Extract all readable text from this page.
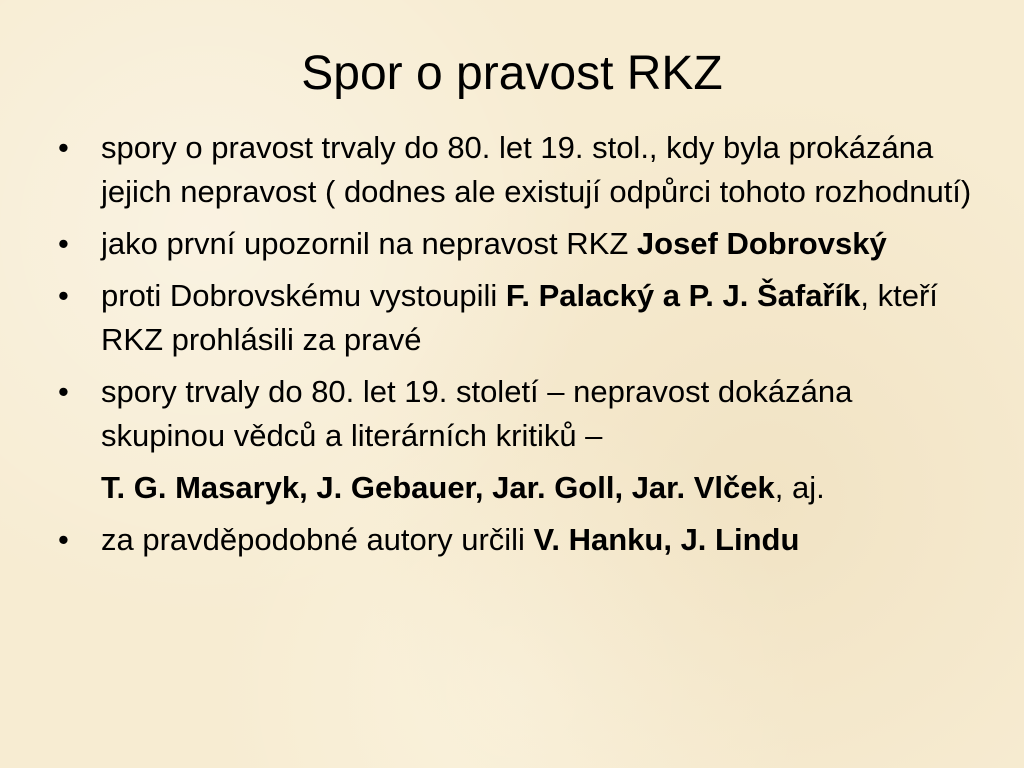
Spor o pravost RKZ
• spory o pravost trvaly do 80. let 19. stol., kdy byla prokázána jejich nepravost ( dodnes ale existují odpůrci tohoto rozhodnutí)
• jako první upozornil na nepravost RKZ Josef Dobrovský
• proti Dobrovskému vystoupili F. Palacký a P. J. Šafařík, kteří RKZ prohlásili za pravé
• spory trvaly do 80. let 19. století – nepravost dokázána skupinou vědců a literárních kritiků –
T. G. Masaryk, J. Gebauer, Jar. Goll, Jar. Vlček, aj.
• za pravděpodobné autory určili V. Hanku, J. Lindu
